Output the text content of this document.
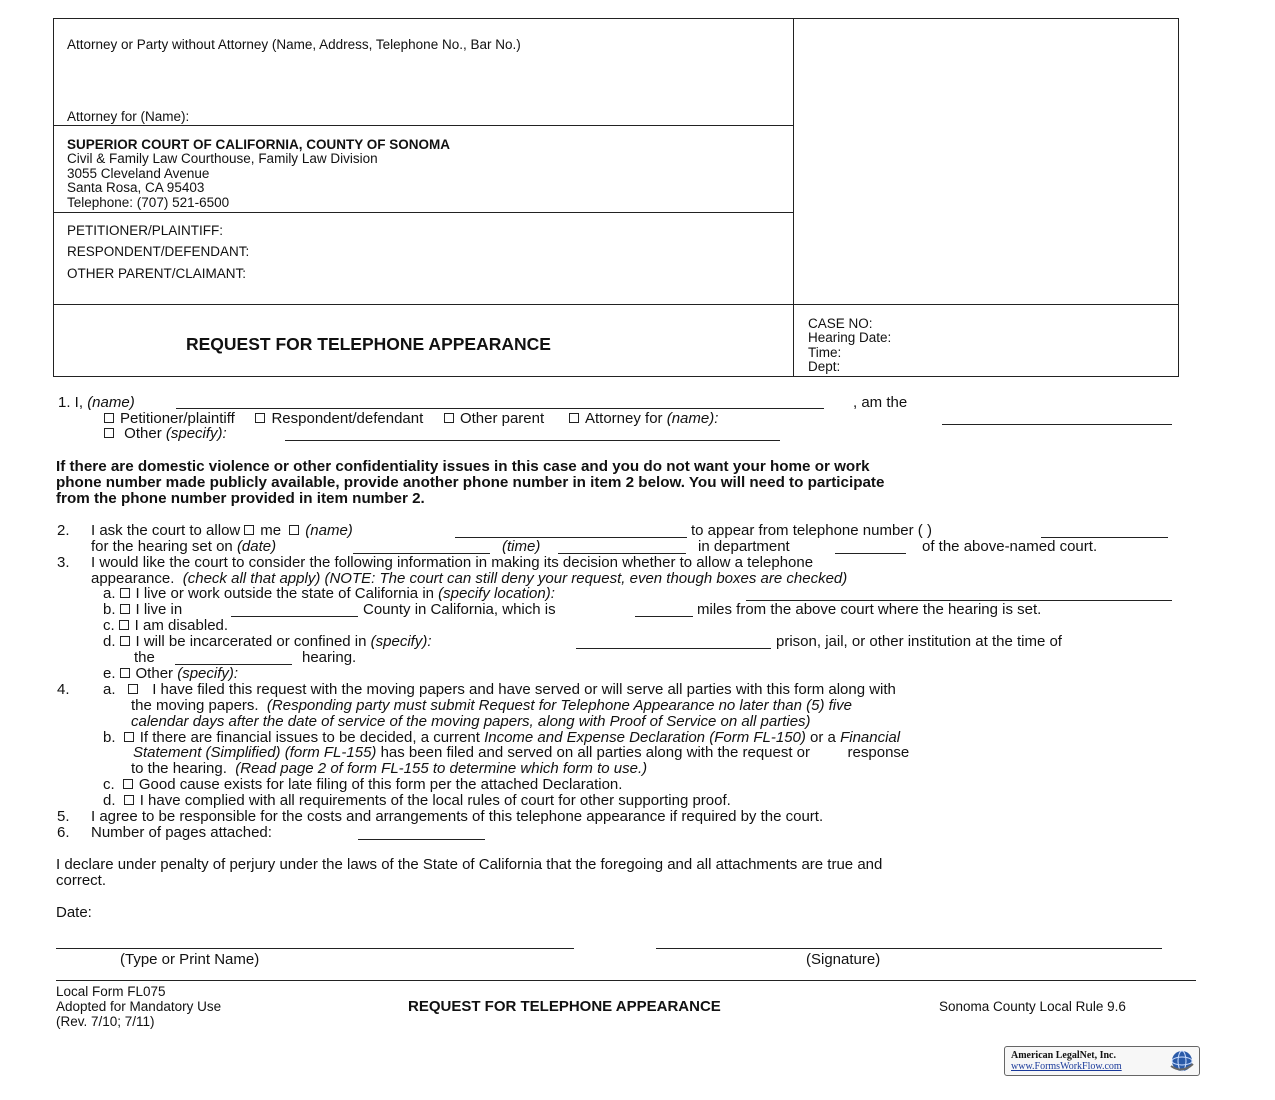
Attorney or Party without Attorney (Name, Address, Telephone No., Bar No.)
Attorney for (Name):
SUPERIOR COURT OF CALIFORNIA, COUNTY OF SONOMA
Civil & Family Law Courthouse, Family Law Division
3055 Cleveland Avenue
Santa Rosa, CA 95403
Telephone: (707) 521-6500
PETITIONER/PLAINTIFF:
RESPONDENT/DEFENDANT:
OTHER PARENT/CLAIMANT:
REQUEST FOR TELEPHONE APPEARANCE
CASE NO:
Hearing Date:
Time:
Dept:
1. I, (name)	, am the
Petitioner/plaintiff Respondent/defendant Other parent	Attorney for (name):
Other (specify):
If there are domestic violence or other confidentiality issues in this case and you do not want your home or work
phone number made publicly available, provide another phone number in item 2 below. You will need to participate
from the phone number provided in item number 2.
2. I ask the court to allow me (name)	to appear from telephone number ( )
for the hearing set on (date)	(time)	in department	of the above-named court.
3. I would like the court to consider the following information in making its decision whether to allow a telephone
appearance. (check all that apply) (NOTE: The court can still deny your request, even though boxes are checked)
a. I live or work outside the state of California in (specify location):
b. I live in	County in California, which is	miles from the above court where the hearing is set.
c. I am disabled.
d. I will be incarcerated or confined in (specify):	prison, jail, or other institution at the time of
the	hearing.
e. Other (specify):
4. a. I have filed this request with the moving papers and have served or will serve all parties with this form along with
the moving papers. (Responding party must submit Request for Telephone Appearance no later than (5) five
calendar days after the date of service of the moving papers, along with Proof of Service on all parties)
b. If there are financial issues to be decided, a current Income and Expense Declaration (Form FL-150) or a Financial
Statement (Simplified) (form FL-155) has been filed and served on all parties along with the request or	response
to the hearing. (Read page 2 of form FL-155 to determine which form to use.)
c. Good cause exists for late filing of this form per the attached Declaration.
d. I have complied with all requirements of the local rules of court for other supporting proof.
5. I agree to be responsible for the costs and arrangements of this telephone appearance if required by the court.
6. Number of pages attached:
I declare under penalty of perjury under the laws of the State of California that the foregoing and all attachments are true and
correct.
Date:
(Type or Print Name)	(Signature)
Local Form FL075
Adopted for Mandatory Use
(Rev. 7/10; 7/11)
REQUEST FOR TELEPHONE APPEARANCE	Sonoma County Local Rule 9.6
American LegalNet, Inc.
www.FormsWorkFlow.com
